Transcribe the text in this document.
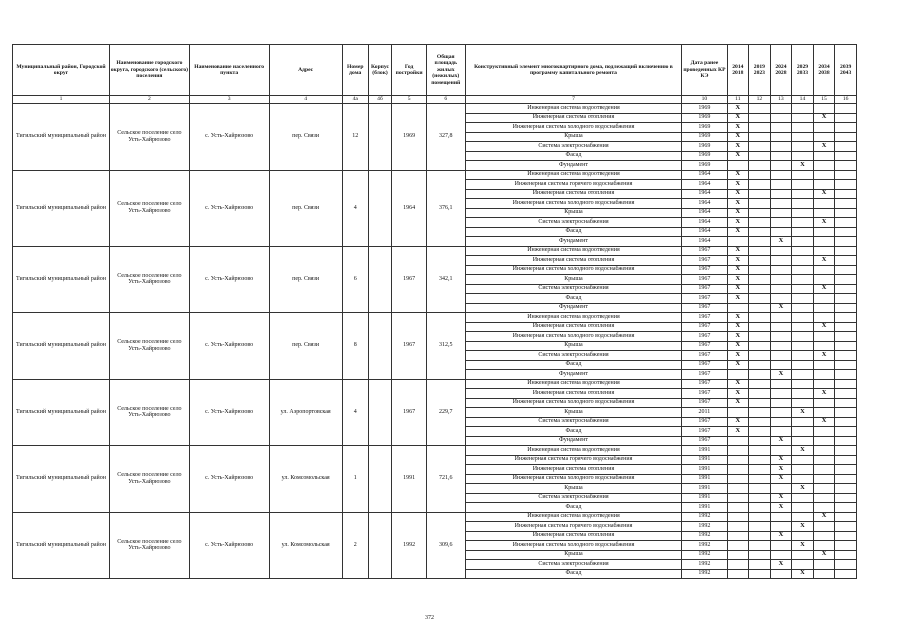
Муниципальный район, Городской округ	Наименование городского округа, городского (сельского) поселения	Наименование населенного пункта	Адрес	Номер дома	Корпус (блок)	Год постройки	Общая площадь жилых (нежилых) помещений	Конструктивный элемент многоквартирного дома, подлежащий включению в программу капитального ремонта	Дата ранее проведенных КР КЭ	2014 2018	2019 2023	2024 2028	2029 2033	2034 2038	2039 2043
1	2	3	4	4а	4б	5	6	7	10	11	12	13	14	15	16
Тигильский муниципальный район	Сельское поселение село Усть-Хайрюзово	с. Усть-Хайрюзово	пер. Связи	12		1969	327,8	Инженерная система водоотведения	1969	X					
								Инженерная система отопления	1969	X				X	
								Инженерная система холодного водоснабжения	1969	X					
								Крыша	1969	X					
								Система электроснабжения	1969	X				X	
								Фасад	1969	X					
								Фундамент	1969				X		
Тигильский муниципальный район	Сельское поселение село Усть-Хайрюзово	с. Усть-Хайрюзово	пер. Связи	4		1964	376,1	Инженерная система водоотведения	1964	X					
								Инженерная система горячего водоснабжения	1964	X					
								Инженерная система отопления	1964	X				X	
								Инженерная система холодного водоснабжения	1964	X					
								Крыша	1964	X					
								Система электроснабжения	1964	X				X	
								Фасад	1964	X					
								Фундамент	1964			X			
Тигильский муниципальный район	Сельское поселение село Усть-Хайрюзово	с. Усть-Хайрюзово	пер. Связи	6		1967	342,1	Инженерная система водоотведения	1967	X					
								Инженерная система отопления	1967	X				X	
								Инженерная система холодного водоснабжения	1967	X					
								Крыша	1967	X					
								Система электроснабжения	1967	X				X	
								Фасад	1967	X					
								Фундамент	1967			X			
Тигильский муниципальный район	Сельское поселение село Усть-Хайрюзово	с. Усть-Хайрюзово	пер. Связи	8		1967	312,5	Инженерная система водоотведения	1967	X					
								Инженерная система отопления	1967	X				X	
								Инженерная система холодного водоснабжения	1967	X					
								Крыша	1967	X					
								Система электроснабжения	1967	X				X	
								Фасад	1967	X					
								Фундамент	1967			X			
Тигильский муниципальный район	Сельское поселение село Усть-Хайрюзово	с. Усть-Хайрюзово	ул. Аэропортовская	4		1967	229,7	Инженерная система водоотведения	1967	X					
								Инженерная система отопления	1967	X				X	
								Инженерная система холодного водоснабжения	1967	X					
								Крыша	2011				X		
								Система электроснабжения	1967	X				X	
								Фасад	1967	X					
								Фундамент	1967			X			
Тигильский муниципальный район	Сельское поселение село Усть-Хайрюзово	с. Усть-Хайрюзово	ул. Комсомольская	1		1991	721,6	Инженерная система водоотведения	1991				X		
								Инженерная система горячего водоснабжения	1991			X			
								Инженерная система отопления	1991			X			
								Инженерная система холодного водоснабжения	1991			X			
								Крыша	1991				X		
								Система электроснабжения	1991			X			
								Фасад	1991			X			
Тигильский муниципальный район	Сельское поселение село Усть-Хайрюзово	с. Усть-Хайрюзово	ул. Комсомольская	2		1992	309,6	Инженерная система водоотведения	1992					X	
								Инженерная система горячего водоснабжения	1992				X		
								Инженерная система отопления	1992			X			
								Инженерная система холодного водоснабжения	1992				X		
								Крыша	1992					X	
								Система электроснабжения	1992			X			
								Фасад	1992				X		
372
